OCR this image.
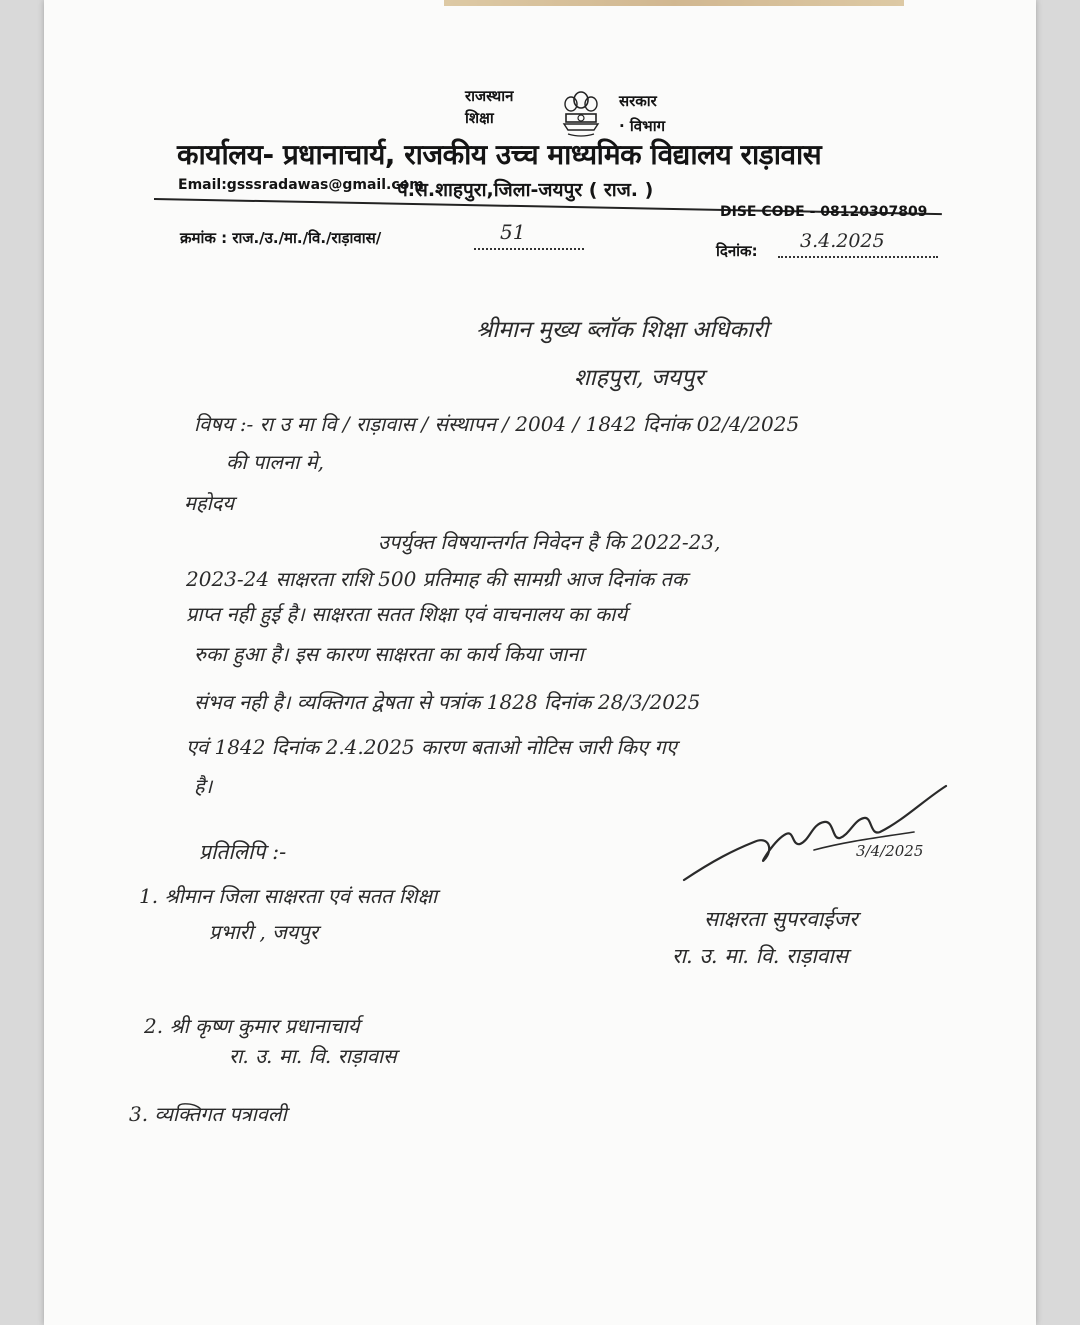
राजस्थान	सरकार
शिक्षा	· विभाग
कार्यालय- प्रधानाचार्य, राजकीय उच्च माध्यमिक विद्यालय राड़ावास
Email:gsssradawas@gmail.com
पं.स.शाहपुरा,जिला-जयपुर ( राज. )
DISE CODE - 08120307809
क्रमांक : राज./उ./मा./वि./राड़ावास/	51
दिनांक: 3.4.2025
श्रीमान मुख्य ब्लॉक शिक्षा अधिकारी
शाहपुरा, जयपुर
विषय :- रा उ मा वि / राड़ावास / संस्थापन / 2004 / 1842 दिनांक 02/4/2025
की पालना मे,
महोदय
उपर्युक्त विषयान्तर्गत निवेदन है कि 2022-23,
2023-24 साक्षरता राशि 500 प्रतिमाह की सामग्री आज दिनांक तक
प्राप्त नही हुई है। साक्षरता सतत शिक्षा एवं वाचनालय का कार्य
रुका हुआ है। इस कारण साक्षरता का कार्य किया जाना
संभव नही है। व्यक्तिगत द्वेषता से पत्रांक 1828 दिनांक 28/3/2025
एवं 1842 दिनांक 2.4.2025 कारण बताओ नोटिस जारी किए गए
है।
प्रतिलिपि :-
1. श्रीमान जिला साक्षरता एवं सतत शिक्षा
प्रभारी , जयपुर
2. श्री कृष्ण कुमार प्रधानाचार्य
रा. उ. मा. वि. राड़ावास
3. व्यक्तिगत पत्रावली
3/4/2025
साक्षरता सुपरवाईजर
रा. उ. मा. वि. राड़ावास
